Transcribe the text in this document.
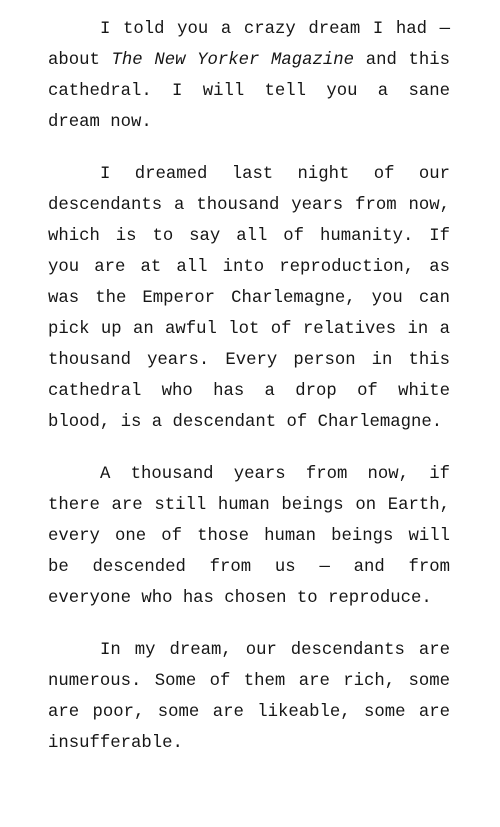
I told you a crazy dream I had — about The New Yorker Magazine and this cathedral. I will tell you a sane dream now.

I dreamed last night of our descendants a thousand years from now, which is to say all of humanity. If you are at all into reproduction, as was the Emperor Charlemagne, you can pick up an awful lot of relatives in a thousand years. Every person in this cathedral who has a drop of white blood, is a descendant of Charlemagne.

A thousand years from now, if there are still human beings on Earth, every one of those human beings will be descended from us — and from everyone who has chosen to reproduce.

In my dream, our descendants are numerous. Some of them are rich, some are poor, some are likeable, some are insufferable.
